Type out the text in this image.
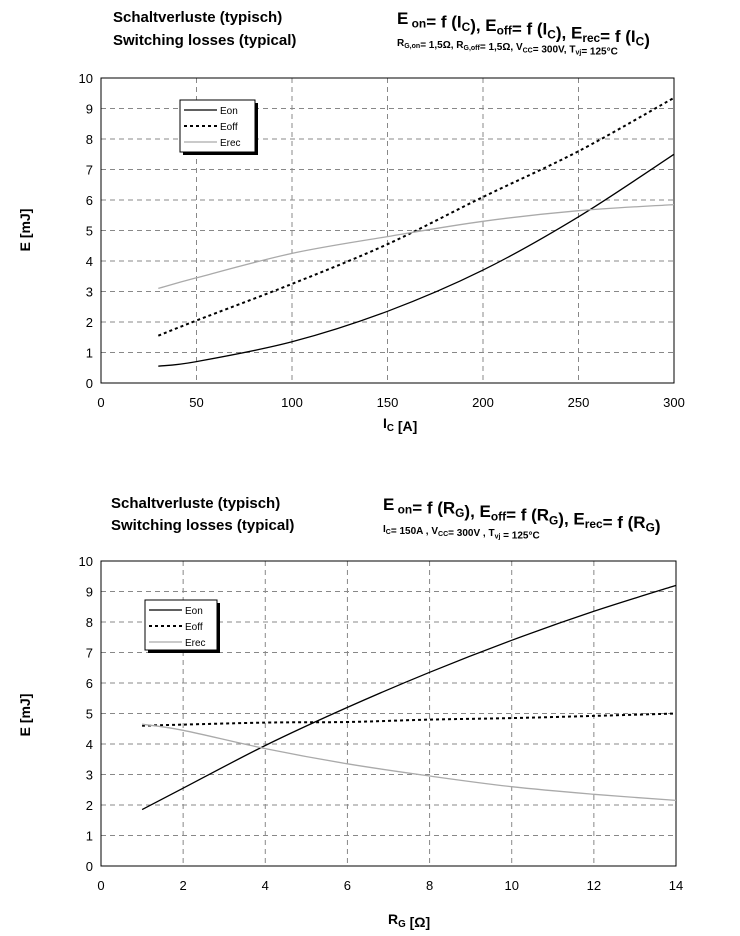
Schaltverluste (typisch)
Switching losses (typical)
E $_{on}$= f $(I_C)$, $E_{off}= f$ $(I_C)$, $E_{rec}= f$ $(I_C)$
$R_{G,on}= 1,5\Omega$, $R_{G,off}= 1,5\Omega$, $V_{CC}= 300V$, $T_{vj}= 125^\circ C$
0	50	100	150	200	250	300
0
1
2
3
4
5
6
7
8
9
10
$I_C$ [A]
E [mJ]
Eon
Eoff
Erec
Schaltverluste (typisch)
Switching losses (typical)
E $_{on}$= f $(R_G)$, $E_{off}= f$ $(R_G)$, $E_{rec}= f$ $(R_G)$
$I_C= 150A$ , $V_{CC}= 300V$ , $T_{vj} = 125^\circ C$
0	2	4	6	8	10	12	14
0
1
2
3
4
5
6
7
8
9
10
$R_G$ [Ω]
E [mJ]
Eon
Eoff
Erec
